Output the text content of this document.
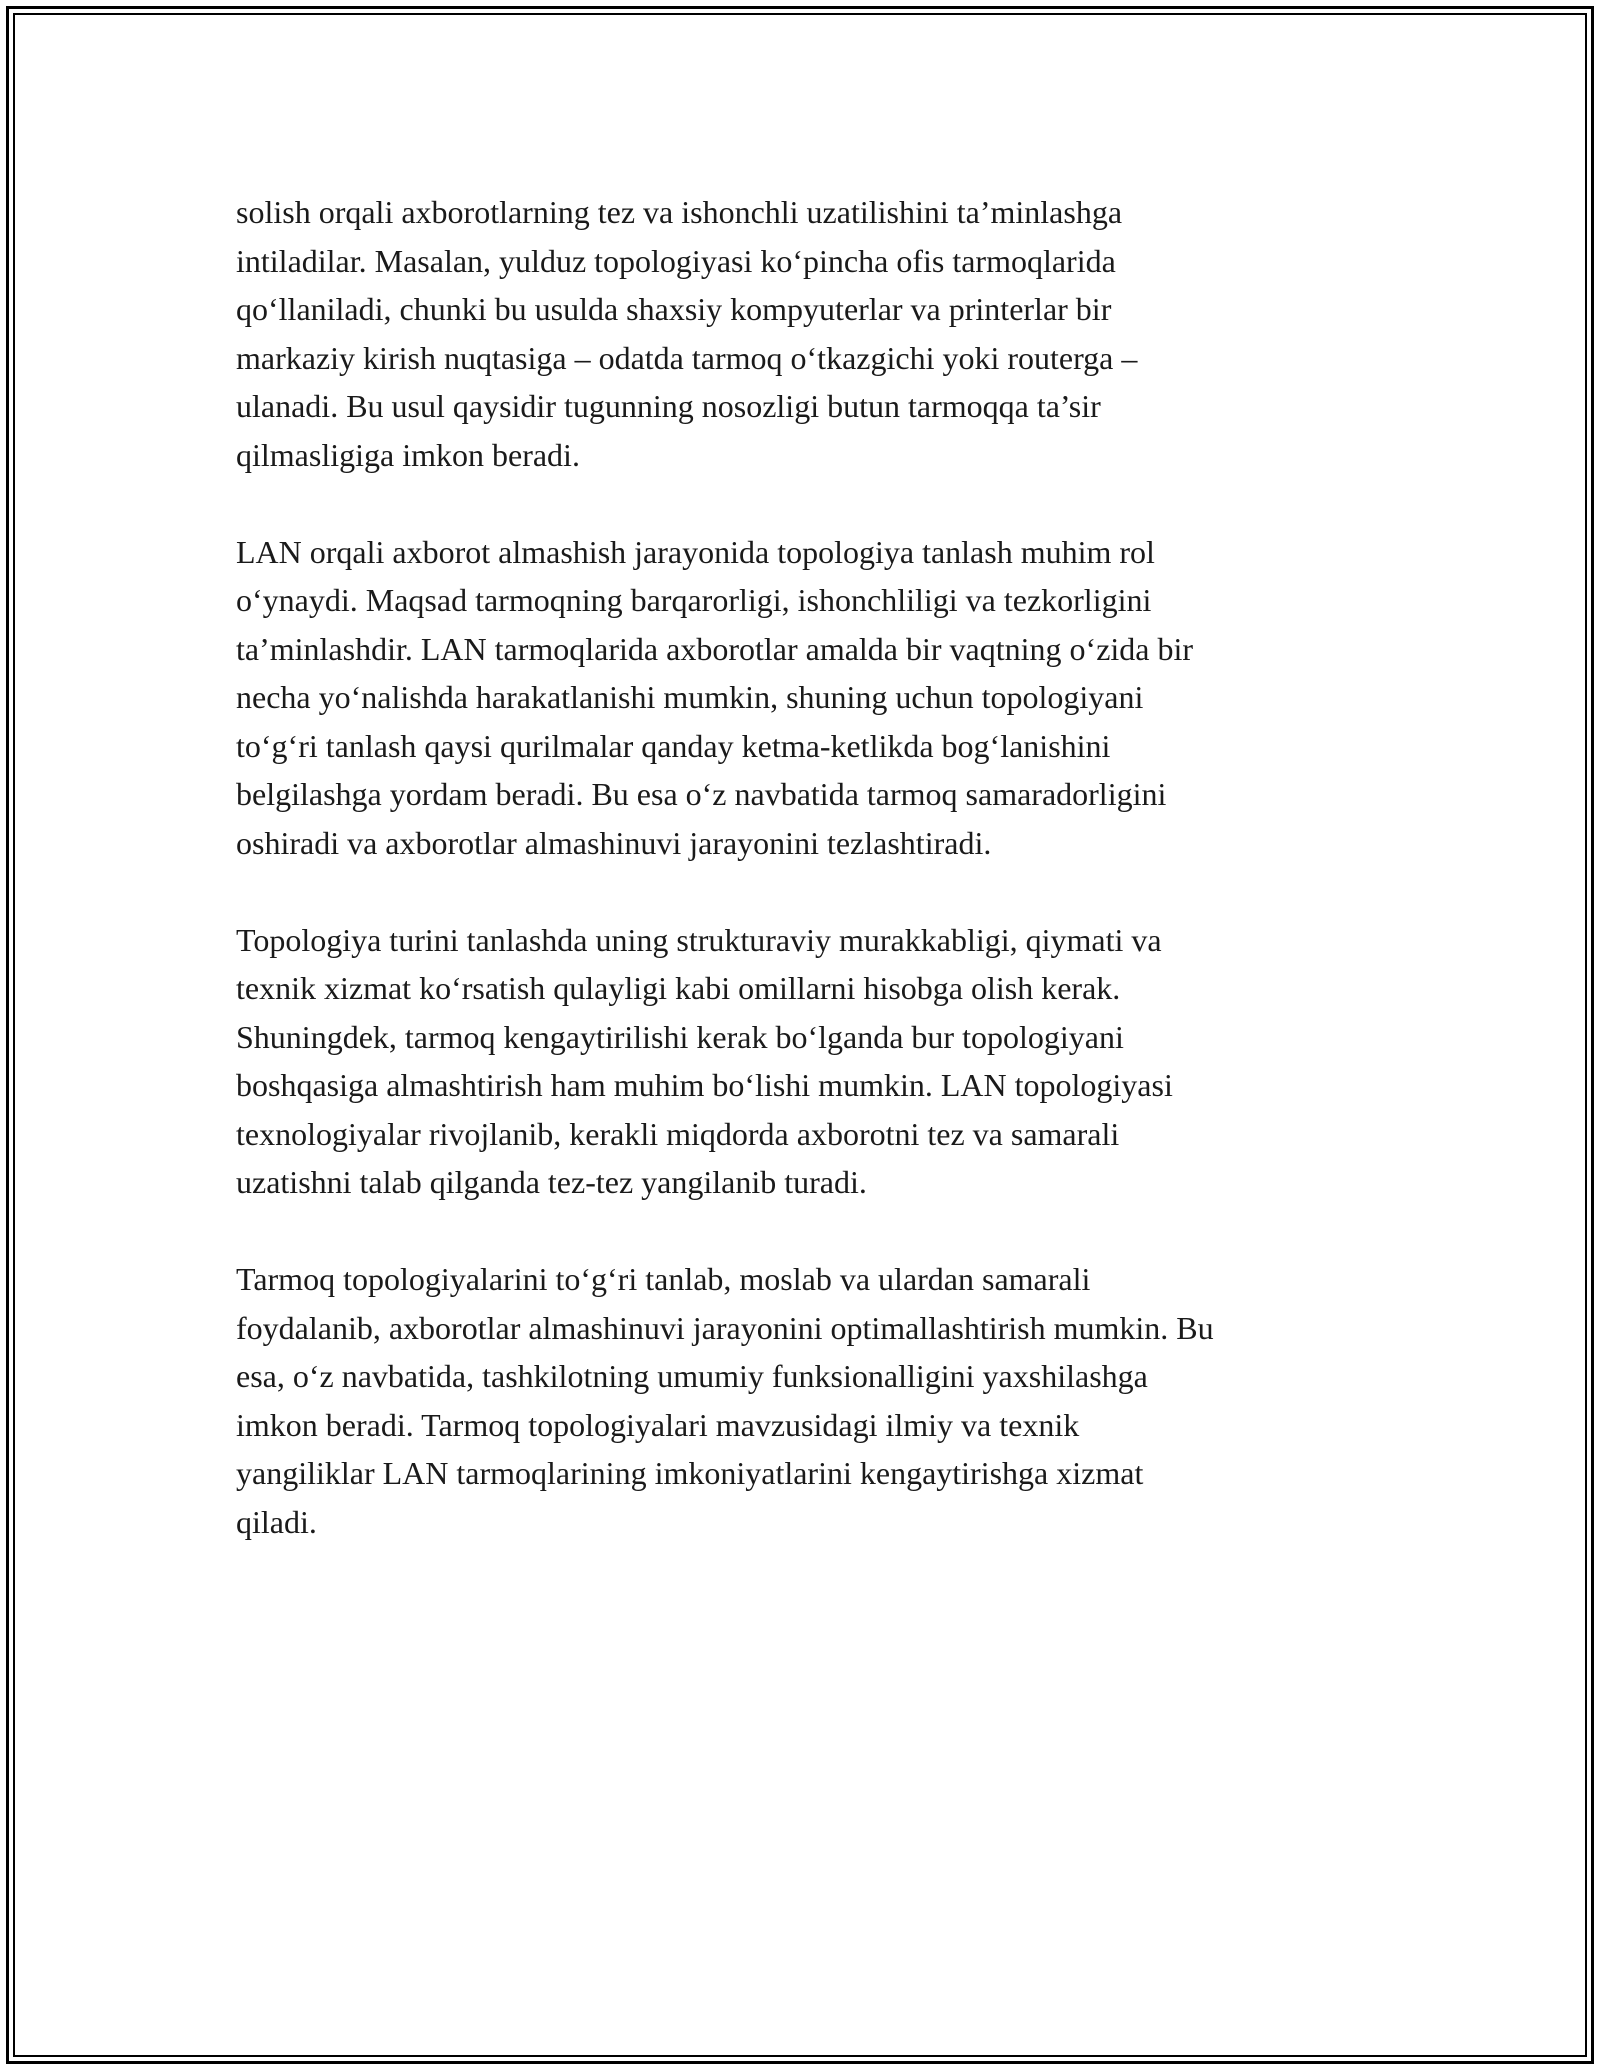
solish orqali axborotlarning tez va ishonchli uzatilishini ta’minlashga
intiladilar. Masalan, yulduz topologiyasi ko‘pincha ofis tarmoqlarida
qo‘llaniladi, chunki bu usulda shaxsiy kompyuterlar va printerlar bir
markaziy kirish nuqtasiga – odatda tarmoq o‘tkazgichi yoki routerga –
ulanadi. Bu usul qaysidir tugunning nosozligi butun tarmoqqa ta’sir
qilmasligiga imkon beradi.

LAN orqali axborot almashish jarayonida topologiya tanlash muhim rol
o‘ynaydi. Maqsad tarmoqning barqarorligi, ishonchliligi va tezkorligini
ta’minlashdir. LAN tarmoqlarida axborotlar amalda bir vaqtning o‘zida bir
necha yo‘nalishda harakatlanishi mumkin, shuning uchun topologiyani
to‘g‘ri tanlash qaysi qurilmalar qanday ketma-ketlikda bog‘lanishini
belgilashga yordam beradi. Bu esa o‘z navbatida tarmoq samaradorligini
oshiradi va axborotlar almashinuvi jarayonini tezlashtiradi.

Topologiya turini tanlashda uning strukturaviy murakkabligi, qiymati va
texnik xizmat ko‘rsatish qulayligi kabi omillarni hisobga olish kerak.
Shuningdek, tarmoq kengaytirilishi kerak bo‘lganda bur topologiyani
boshqasiga almashtirish ham muhim bo‘lishi mumkin. LAN topologiyasi
texnologiyalar rivojlanib, kerakli miqdorda axborotni tez va samarali
uzatishni talab qilganda tez-tez yangilanib turadi.

Tarmoq topologiyalarini to‘g‘ri tanlab, moslab va ulardan samarali
foydalanib, axborotlar almashinuvi jarayonini optimallashtirish mumkin. Bu
esa, o‘z navbatida, tashkilotning umumiy funksionalligini yaxshilashga
imkon beradi. Tarmoq topologiyalari mavzusidagi ilmiy va texnik
yangiliklar LAN tarmoqlarining imkoniyatlarini kengaytirishga xizmat
qiladi.
